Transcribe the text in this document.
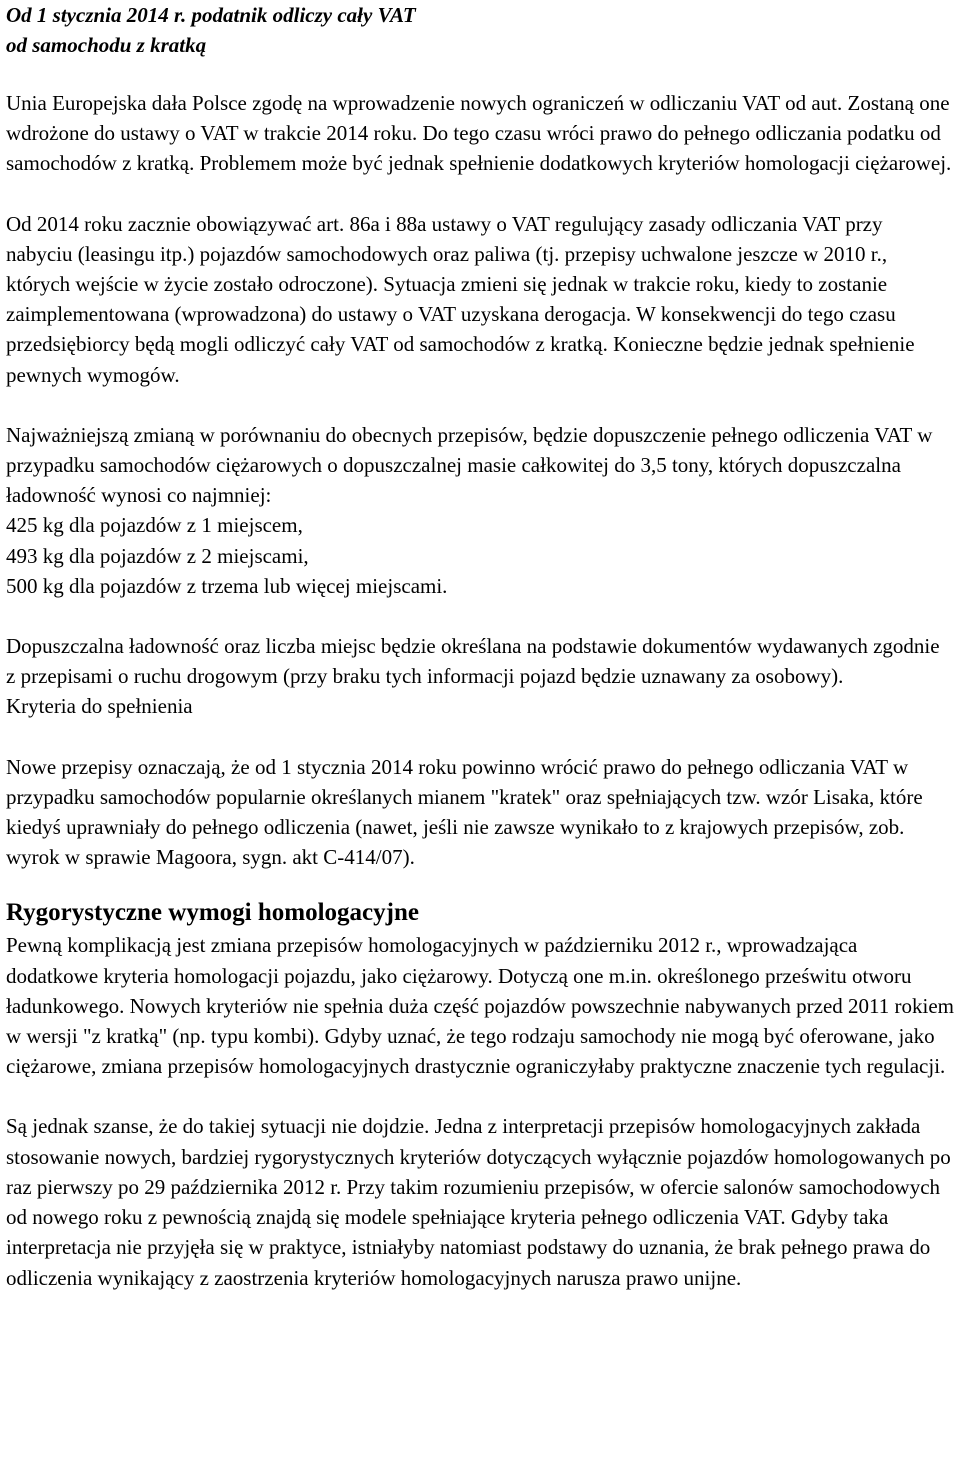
Od 1 stycznia 2014 r. podatnik odliczy cały VAT
od samochodu z kratką

Unia Europejska dała Polsce zgodę na wprowadzenie nowych ograniczeń w odliczaniu VAT od aut. Zostaną one wdrożone do ustawy o VAT w trakcie 2014 roku. Do tego czasu wróci prawo do pełnego odliczania podatku od samochodów z kratką. Problemem może być jednak spełnienie dodatkowych kryteriów homologacji ciężarowej.

Od 2014 roku zacznie obowiązywać art. 86a i 88a ustawy o VAT regulujący zasady odliczania VAT przy nabyciu (leasingu itp.) pojazdów samochodowych oraz paliwa (tj. przepisy uchwalone jeszcze w 2010 r., których wejście w życie zostało odroczone). Sytuacja zmieni się jednak w trakcie roku, kiedy to zostanie zaimplementowana (wprowadzona) do ustawy o VAT uzyskana derogacja. W konsekwencji do tego czasu przedsiębiorcy będą mogli odliczyć cały VAT od samochodów z kratką. Konieczne będzie jednak spełnienie pewnych wymogów.

Najważniejszą zmianą w porównaniu do obecnych przepisów, będzie dopuszczenie pełnego odliczenia VAT w przypadku samochodów ciężarowych o dopuszczalnej masie całkowitej do 3,5 tony, których dopuszczalna ładowność wynosi co najmniej:

425 kg dla pojazdów z 1 miejscem,

493 kg dla pojazdów z 2 miejscami,

500 kg dla pojazdów z trzema lub więcej miejscami.

Dopuszczalna ładowność oraz liczba miejsc będzie określana na podstawie dokumentów wydawanych zgodnie z przepisami o ruchu drogowym (przy braku tych informacji pojazd będzie uznawany za osobowy).

Kryteria do spełnienia

Nowe przepisy oznaczają, że od 1 stycznia 2014 roku powinno wrócić prawo do pełnego odliczania VAT w przypadku samochodów popularnie określanych mianem "kratek" oraz spełniających tzw. wzór Lisaka, które kiedyś uprawniały do pełnego odliczenia (nawet, jeśli nie zawsze wynikało to z krajowych przepisów, zob. wyrok w sprawie Magoora, sygn. akt C-414/07).

Rygorystyczne wymogi homologacyjne

Pewną komplikacją jest zmiana przepisów homologacyjnych w październiku 2012 r., wprowadzająca dodatkowe kryteria homologacji pojazdu, jako ciężarowy. Dotyczą one m.in. określonego prześwitu otworu ładunkowego. Nowych kryteriów nie spełnia duża część pojazdów powszechnie nabywanych przed 2011 rokiem w wersji "z kratką" (np. typu kombi). Gdyby uznać, że tego rodzaju samochody nie mogą być oferowane, jako ciężarowe, zmiana przepisów homologacyjnych drastycznie ograniczyłaby praktyczne znaczenie tych regulacji.

Są jednak szanse, że do takiej sytuacji nie dojdzie. Jedna z interpretacji przepisów homologacyjnych zakłada stosowanie nowych, bardziej rygorystycznych kryteriów dotyczących wyłącznie pojazdów homologowanych po raz pierwszy po 29 października 2012 r. Przy takim rozumieniu przepisów, w ofercie salonów samochodowych od nowego roku z pewnością znajdą się modele spełniające kryteria pełnego odliczenia VAT. Gdyby taka interpretacja nie przyjęła się w praktyce, istniałyby natomiast podstawy do uznania, że brak pełnego prawa do odliczenia wynikający z zaostrzenia kryteriów homologacyjnych narusza prawo unijne.
